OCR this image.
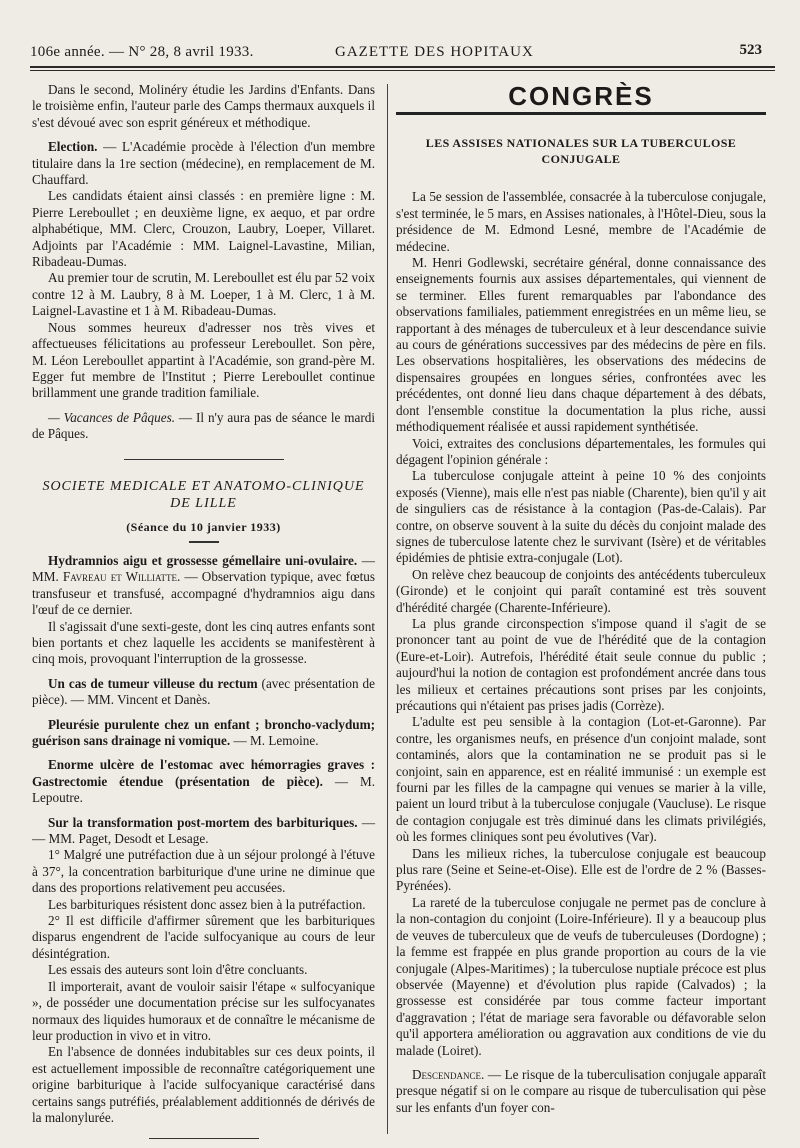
106e année. — N° 28, 8 avril 1933.	GAZETTE DES HOPITAUX	523

Dans le second, Molinéry étudie les Jardins d'Enfants. Dans le troisième enfin, l'auteur parle des Camps thermaux auxquels il s'est dévoué avec son esprit généreux et méthodique.

Election. — L'Académie procède à l'élection d'un membre titulaire dans la 1re section (médecine), en remplacement de M. Chauffard.

Les candidats étaient ainsi classés : en première ligne : M. Pierre Lereboullet ; en deuxième ligne, ex aequo, et par ordre alphabétique, MM. Clerc, Crouzon, Laubry, Loeper, Villaret. Adjoints par l'Académie : MM. Laignel-Lavastine, Milian, Ribadeau-Dumas.

Au premier tour de scrutin, M. Lereboullet est élu par 52 voix contre 12 à M. Laubry, 8 à M. Loeper, 1 à M. Clerc, 1 à M. Laignel-Lavastine et 1 à M. Ribadeau-Dumas.

Nous sommes heureux d'adresser nos très vives et affectueuses félicitations au professeur Lereboullet. Son père, M. Léon Lereboullet appartint à l'Académie, son grand-père M. Egger fut membre de l'Institut ; Pierre Lereboullet continue brillamment une grande tradition familiale.

— Vacances de Pâques. — Il n'y aura pas de séance le mardi de Pâques.

SOCIETE MEDICALE ET ANATOMO-CLINIQUE DE LILLE
(Séance du 10 janvier 1933)

Hydramnios aigu et grossesse gémellaire uni-ovulaire. — MM. Favreau et Williatte. — Observation typique, avec fœtus transfuseur et transfusé, accompagné d'hydramnios aigu dans l'œuf de ce dernier.

Il s'agissait d'une sexti-geste, dont les cinq autres enfants sont bien portants et chez laquelle les accidents se manifestèrent à cinq mois, provoquant l'interruption de la grossesse.

Un cas de tumeur villeuse du rectum (avec présentation de pièce). — MM. Vincent et Danès.

Pleurésie purulente chez un enfant ; broncho-vaclydum; guérison sans drainage ni vomique. — M. Lemoine.

Enorme ulcère de l'estomac avec hémorragies graves : Gastrectomie étendue (présentation de pièce). — M. Lepoutre.

Sur la transformation post-mortem des barbituriques. — — MM. Paget, Desodt et Lesage.

1° Malgré une putréfaction due à un séjour prolongé à l'étuve à 37°, la concentration barbiturique d'une urine ne diminue que dans des proportions relativement peu accusées.

Les barbituriques résistent donc assez bien à la putréfaction.

2° Il est difficile d'affirmer sûrement que les barbituriques disparus engendrent de l'acide sulfocyanique au cours de leur désintégration.

Les essais des auteurs sont loin d'être concluants.

Il importerait, avant de vouloir saisir l'étape « sulfocyanique », de posséder une documentation précise sur les sulfocyanates normaux des liquides humoraux et de connaître le mécanisme de leur production in vivo et in vitro.

En l'absence de données indubitables sur ces deux points, il est actuellement impossible de reconnaître catégoriquement une origine barbiturique à l'acide sulfocyanique caractérisé dans certains sangs putréfiés, préalablement additionnés de dérivés de la malonylurée.

CONGRÈS
LES ASSISES NATIONALES SUR LA TUBERCULOSE CONJUGALE

La 5e session de l'assemblée, consacrée à la tuberculose conjugale, s'est terminée, le 5 mars, en Assises nationales, à l'Hôtel-Dieu, sous la présidence de M. Edmond Lesné, membre de l'Académie de médecine.

M. Henri Godlewski, secrétaire général, donne connaissance des enseignements fournis aux assises départementales, qui viennent de se terminer. Elles furent remarquables par l'abondance des observations familiales, patiemment enregistrées en un même lieu, se rapportant à des ménages de tuberculeux et à leur descendance suivie au cours de générations successives par des médecins de père en fils. Les observations hospitalières, les observations des médecins de dispensaires groupées en longues séries, confrontées avec les précédentes, ont donné lieu dans chaque département à des débats, dont l'ensemble constitue la documentation la plus riche, aussi méthodiquement réalisée et aussi rapidement synthétisée.

Voici, extraites des conclusions départementales, les formules qui dégagent l'opinion générale :

La tuberculose conjugale atteint à peine 10 % des conjoints exposés (Vienne), mais elle n'est pas niable (Charente), bien qu'il y ait de singuliers cas de résistance à la contagion (Pas-de-Calais). Par contre, on observe souvent à la suite du décès du conjoint malade des signes de tuberculose latente chez le survivant (Isère) et de véritables épidémies de phtisie extra-conjugale (Lot).

On relève chez beaucoup de conjoints des antécédents tuberculeux (Gironde) et le conjoint qui paraît contaminé est très souvent d'hérédité chargée (Charente-Inférieure).

La plus grande circonspection s'impose quand il s'agit de se prononcer tant au point de vue de l'hérédité que de la contagion (Eure-et-Loir). Autrefois, l'hérédité était seule connue du public ; aujourd'hui la notion de contagion est profondément ancrée dans tous les milieux et certaines précautions sont prises par les conjoints, précautions qui n'étaient pas prises jadis (Corrèze).

L'adulte est peu sensible à la contagion (Lot-et-Garonne). Par contre, les organismes neufs, en présence d'un conjoint malade, sont contaminés, alors que la contamination ne se produit pas si le conjoint, sain en apparence, est en réalité immunisé : un exemple est fourni par les filles de la campagne qui venues se marier à la ville, paient un lourd tribut à la tuberculose conjugale (Vaucluse). Le risque de contagion conjugale est très diminué dans les climats privilégiés, où les formes cliniques sont peu évolutives (Var).

Dans les milieux riches, la tuberculose conjugale est beaucoup plus rare (Seine et Seine-et-Oise). Elle est de l'ordre de 2 % (Basses-Pyrénées).

La rareté de la tuberculose conjugale ne permet pas de conclure à la non-contagion du conjoint (Loire-Inférieure). Il y a beaucoup plus de veuves de tuberculeux que de veufs de tuberculeuses (Dordogne) ; la femme est frappée en plus grande proportion au cours de la vie conjugale (Alpes-Maritimes) ; la tuberculose nuptiale précoce est plus observée (Mayenne) et d'évolution plus rapide (Calvados) ; la grossesse est considérée par tous comme facteur important d'aggravation ; l'état de mariage sera favorable ou défavorable selon qu'il apportera amélioration ou aggravation aux conditions de vie du malade (Loiret).

Descendance. — Le risque de la tuberculisation conjugale apparaît presque négatif si on le compare au risque de tuberculisation qui pèse sur les enfants d'un foyer con-
